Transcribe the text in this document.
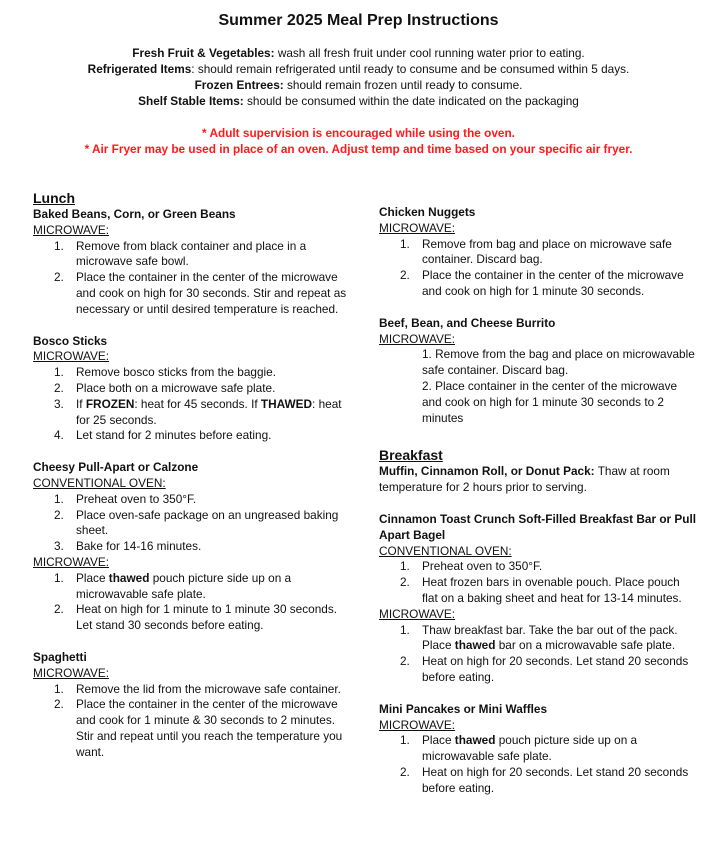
Summer 2025 Meal Prep Instructions
Fresh Fruit & Vegetables: wash all fresh fruit under cool running water prior to eating.
Refrigerated Items: should remain refrigerated until ready to consume and be consumed within 5 days.
Frozen Entrees: should remain frozen until ready to consume.
Shelf Stable Items: should be consumed within the date indicated on the packaging
* Adult supervision is encouraged while using the oven.
* Air Fryer may be used in place of an oven. Adjust temp and time based on your specific air fryer.
Lunch
Baked Beans, Corn, or Green Beans
MICROWAVE:
1. Remove from black container and place in a microwave safe bowl.
2. Place the container in the center of the microwave and cook on high for 30 seconds. Stir and repeat as necessary or until desired temperature is reached.
Bosco Sticks
MICROWAVE:
1. Remove bosco sticks from the baggie.
2. Place both on a microwave safe plate.
3. If FROZEN: heat for 45 seconds. If THAWED: heat for 25 seconds.
4. Let stand for 2 minutes before eating.
Cheesy Pull-Apart or Calzone
CONVENTIONAL OVEN:
1. Preheat oven to 350°F.
2. Place oven-safe package on an ungreased baking sheet.
3. Bake for 14-16 minutes.
MICROWAVE:
1. Place thawed pouch picture side up on a microwavable safe plate.
2. Heat on high for 1 minute to 1 minute 30 seconds. Let stand 30 seconds before eating.
Spaghetti
MICROWAVE:
1. Remove the lid from the microwave safe container.
2. Place the container in the center of the microwave and cook for 1 minute & 30 seconds to 2 minutes. Stir and repeat until you reach the temperature you want.
Chicken Nuggets
MICROWAVE:
1. Remove from bag and place on microwave safe container. Discard bag.
2. Place the container in the center of the microwave and cook on high for 1 minute 30 seconds.
Beef, Bean, and Cheese Burrito
MICROWAVE:
1. Remove from the bag and place on microwavable safe container. Discard bag.
2. Place container in the center of the microwave and cook on high for 1 minute 30 seconds to 2 minutes
Breakfast
Muffin, Cinnamon Roll, or Donut Pack: Thaw at room temperature for 2 hours prior to serving.
Cinnamon Toast Crunch Soft-Filled Breakfast Bar or Pull Apart Bagel
CONVENTIONAL OVEN:
1. Preheat oven to 350°F.
2. Heat frozen bars in ovenable pouch. Place pouch flat on a baking sheet and heat for 13-14 minutes.
MICROWAVE:
1. Thaw breakfast bar. Take the bar out of the pack. Place thawed bar on a microwavable safe plate.
2. Heat on high for 20 seconds. Let stand 20 seconds before eating.
Mini Pancakes or Mini Waffles
MICROWAVE:
1. Place thawed pouch picture side up on a microwavable safe plate.
2. Heat on high for 20 seconds. Let stand 20 seconds before eating.
